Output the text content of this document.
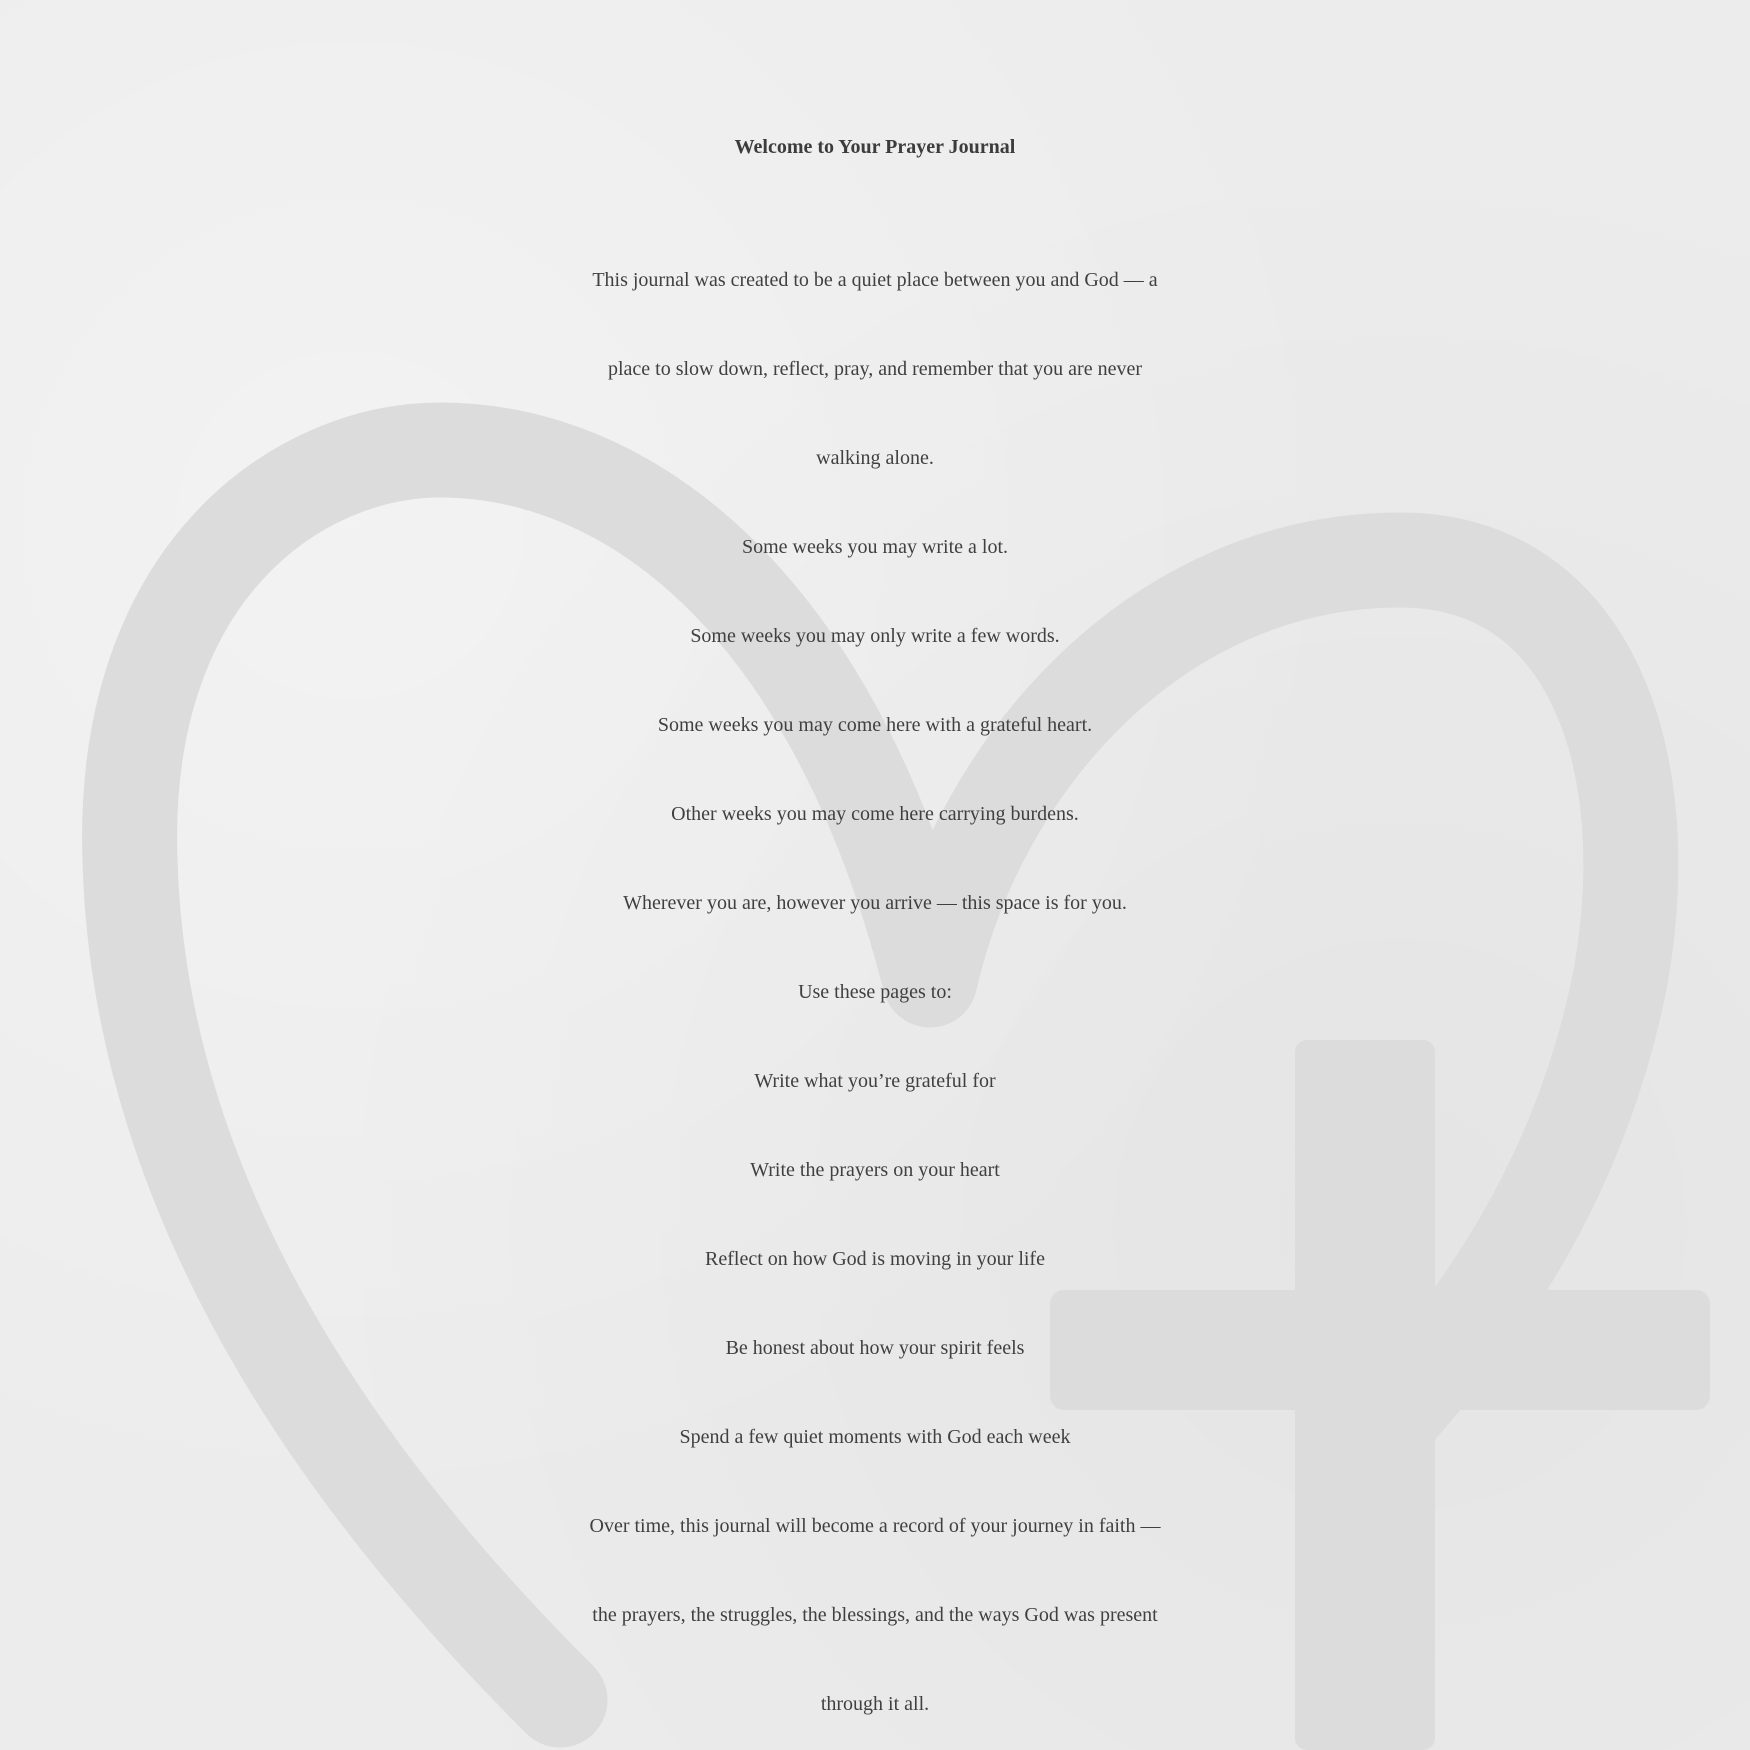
Welcome to Your Prayer Journal

This journal was created to be a quiet place between you and God — a

place to slow down, reflect, pray, and remember that you are never

walking alone.

Some weeks you may write a lot.

Some weeks you may only write a few words.

Some weeks you may come here with a grateful heart.

Other weeks you may come here carrying burdens.

Wherever you are, however you arrive — this space is for you.

Use these pages to:

Write what you’re grateful for

Write the prayers on your heart

Reflect on how God is moving in your life

Be honest about how your spirit feels

Spend a few quiet moments with God each week

Over time, this journal will become a record of your journey in faith —

the prayers, the struggles, the blessings, and the ways God was present

through it all.
